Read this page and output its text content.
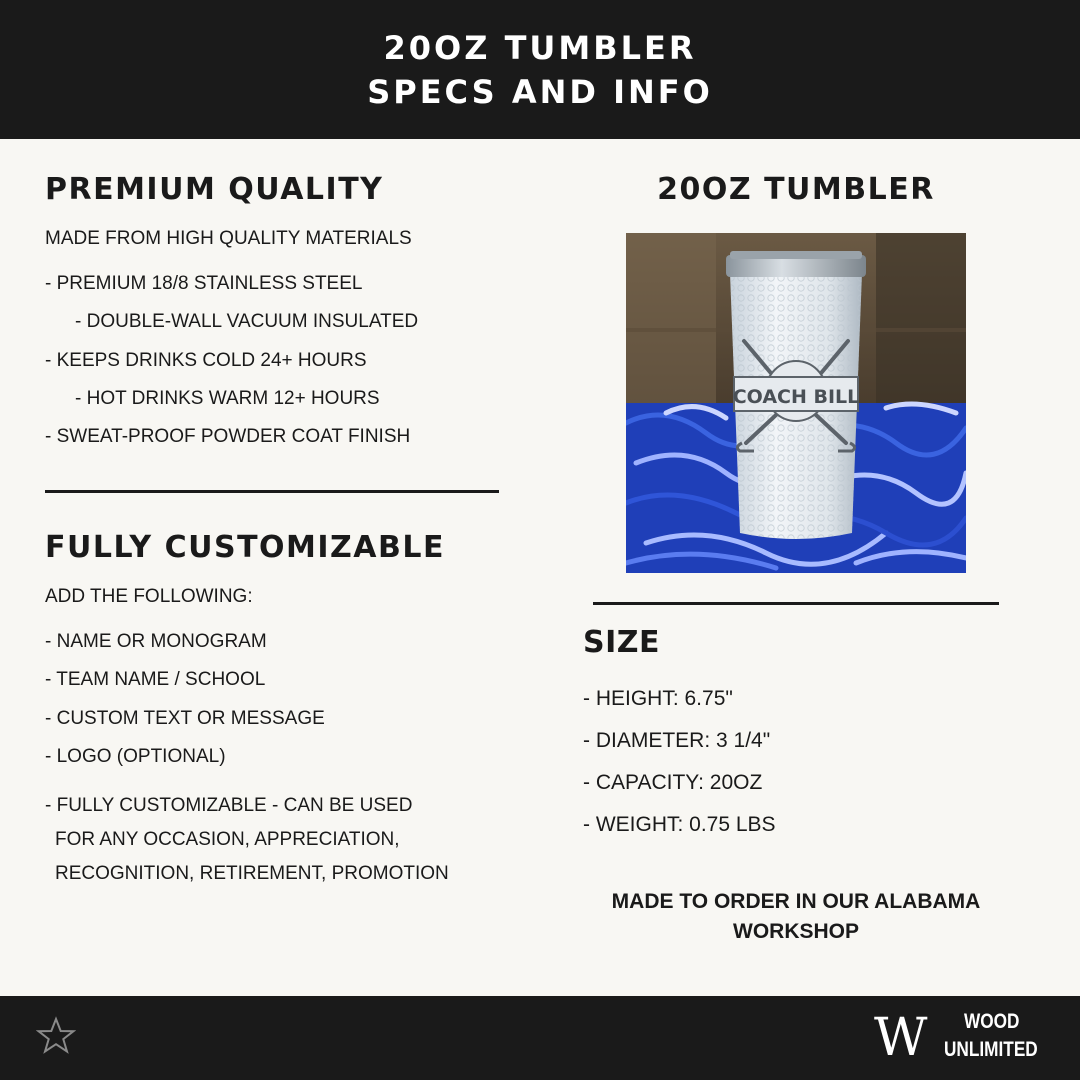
20OZ TUMBLER
SPECS AND INFO
PREMIUM QUALITY
MADE FROM HIGH QUALITY MATERIALS
- PREMIUM 18/8 STAINLESS STEEL
- DOUBLE-WALL VACUUM INSULATED
- KEEPS DRINKS COLD 24+ HOURS
- HOT DRINKS WARM 12+ HOURS
- SWEAT-PROOF POWDER COAT FINISH
FULLY CUSTOMIZABLE
ADD THE FOLLOWING:
- NAME OR MONOGRAM
- TEAM NAME / SCHOOL
- CUSTOM TEXT OR MESSAGE
- LOGO (OPTIONAL)
- FULLY CUSTOMIZABLE - CAN BE USED
FOR ANY OCCASION, APPRECIATION,
RECOGNITION, RETIREMENT, PROMOTION
20OZ TUMBLER
COACH BILL
SIZE
- HEIGHT: 6.75"
- DIAMETER: 3 1/4"
- CAPACITY: 20OZ
- WEIGHT: 0.75 LBS
MADE TO ORDER IN OUR ALABAMA
WORKSHOP
W WOOD
UNLIMITED
